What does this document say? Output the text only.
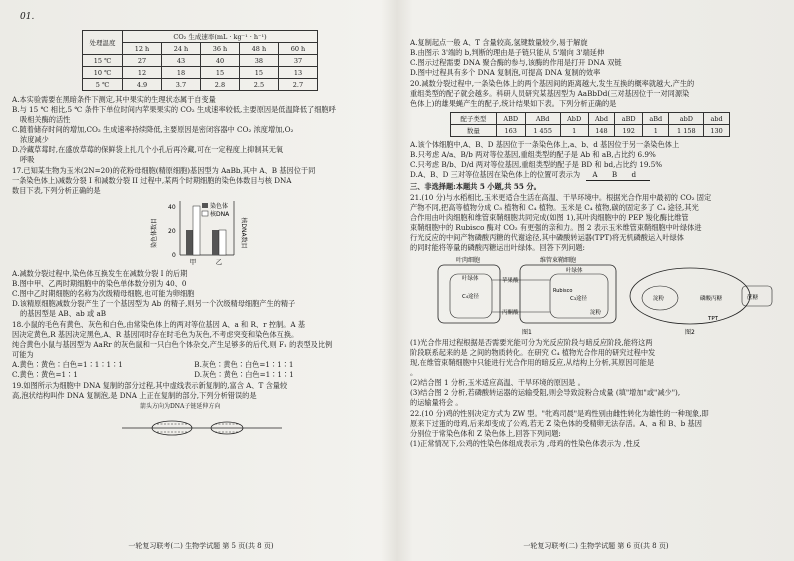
01.
处理温度	CO₂ 生成速率(mL · kg⁻¹ · h⁻¹)				
	12 h	24 h	36 h	48 h	60 h
15 ℃	27	43	40	38	37
10 ℃	12	18	15	15	13
5 ℃	4.9	3.7	2.8	2.5	2.7
A.本实验需要在黑暗条件下测定,其中果实的生理状态属于自变量
B.与 15 ℃ 相比,5 ℃ 条件下单位时间内苹果果实的 CO₂ 生成速率较低,主要原因是低温降低了细胞呼
吸相关酶的活性
C.随着储存时间的增加,CO₂ 生成速率持续降低,主要原因是密闭容器中 CO₂ 浓度增加,O₂
浓度减少
D.冷藏草莓时,在盛放草莓的保鲜袋上扎几个小孔后再冷藏,可在一定程度上抑制其无氧
呼吸
17.已知某生物为玉米(2N=20)的花粉母细胞(精原细胞)基因型为 AaBb,其中 A、B 基因位于同
一条染色体上)减数分裂 I 和减数分裂 II 过程中,某两个时期细胞的染色体数目与核 DNA
数目下表,下列分析正确的是
染色体数目	核DNA数目
40
20
0
染色体
核DNA
甲	乙
A.减数分裂过程中,染色体互换发生在减数分裂 I 的后期
B.图中甲、乙两时期细胞中的染色单体数分别为 40、0
C.图中乙时期细胞的名称为次级精母细胞,也可能为卵细胞
D.该精原细胞减数分裂产生了一个基因型为 Ab 的精子,则另一个次级精母细胞产生的精子
的基因型是 AB、ab 或 aB
18.小鼠的毛色有黄色、灰色和白色,由常染色体上的两对等位基因 A、a 和 R、r 控制。A 基
因决定黄色,R 基因决定黑色,A、R 基因同时存在时毛色为灰色,不考虑突变和染色体互换。
纯合黄色小鼠与基因型为 AaRr 的灰色鼠和一只白色个体杂交,产生足够多的后代,则 F₁ 的表型及比例
可能为
A.黄色∶黄色∶白色=1∶1∶1∶1	B.灰色∶黄色∶白色=1∶1∶1
C.黄色∶黄色=1∶1	D.灰色∶黄色∶白色=1∶1∶1
19.如图所示为细胞中 DNA 复制的部分过程,其中虚线表示新复制的,富含 A、T 含量较
高,泡状结构叫作 DNA 复制泡,是 DNA 上正在复制的部分,下列分析错误的是
箭头方向为DNA子链延伸方向
一轮复习联考(二) 生物学试题 第 5 页(共 8 页)
A.复制起点一般 A、T 含量较高,氢键数量较少,易于解旋
B.由图示 3'端的 b,判断的理由是子链只能从 5'端向 3'端延伸
C.图示过程需要 DNA 聚合酶的参与,该酶的作用是打开 DNA 双链
D.图中过程具有多个 DNA 复制泡,可提高 DNA 复制的效率
20.减数分裂过程中,一条染色体上的两个基因间的距离越大,发生互换的概率就越大,产生的
重组类型的配子就会越多。科研人员研究某基因型为 AaBbDd(三对基因位于一对同源染
色体上)的雄果蝇产生的配子,统计结果如下表。下列分析正确的是
配子类型	ABD	ABd	AbD	Abd	aBD	aBd	abD	abd
数量	163	1 455	1	148	192	1	1 158	130
A.该个体细胞中,A、B、D 基因位于一条染色体上,a、b、d 基因位于另一条染色体上
B.只考虑 A/a、B/b 两对等位基因,重组类型的配子是 Ab 和 aB,占比约 6.9%
C.只考虑 B/b、D/d 两对等位基因,重组类型的配子是 BD 和 bd,占比约 19.5%
D.A、B、D 三对等位基因在染色体上的位置可表示为 A B d
三、非选择题:本题共 5 小题,共 55 分。
21.(10 分)与水稻相比,玉米更适合生活在高温、干旱环境中。根据光合作用中最初的 CO₂ 固定
产物不同,把高等植物分成 C₃ 植物和 C₄ 植物。玉米是 C₄ 植物,碳的固定多了 C₄ 途径,其光
合作用由叶肉细胞和维管束鞘细胞共同完成(如图 1),其叶肉细胞中的 PEP 羧化酶比维管
束鞘细胞中的 Rubisco 酶对 CO₂ 有更强的亲和力。图 2 表示玉米维管束鞘细胞中叶绿体进
行光反应的中间产物磷酸丙糖的代谢途径,其中磷酸转运器(TPT)将无机磷酸运入叶绿体
的同时能将等量的磷酸丙糖运出叶绿体。回答下列问题:
叶肉细胞	维管束鞘细胞
叶绿体
叶绿体
苹果酸
丙酮酸
C₄途径
Rubisco
C₃途径
淀粉
图1
淀粉	磷酸丙糖
TPT
蔗糖
图2
(1)光合作用过程根据是否需要光能可分为光反应阶段与暗反应阶段,能将这两
阶段联系起来的是 之间的物质转化。在研究 C₄ 植物光合作用的研究过程中发
现,在维管束鞘细胞中只能进行光合作用的暗反应,从结构上分析,其原因可能是
。
(2)结合图 1 分析,玉米适应高温、干旱环境的原因是 。
(3)结合图 2 分析,若磷酸转运器的运输受阻,则会导致淀粉合成量 (填"增加"或"减少"),
的运输量将会 。
22.(10 分)鸡的性别决定方式为 ZW 型。"牝鸡司晨"是鸡性别由雌性转化为雄性的一种现象,即
原来下过蛋的母鸡,后来却变成了公鸡,若无 Z 染色体的受精卵无法存活。A、a 和 B、b 基因
分别位于常染色体和 Z 染色体上,回答下列问题:
(1)正常情况下,公鸡的性染色体组成表示为 ,母鸡的性染色体表示为 ,性反
一轮复习联考(二) 生物学试题 第 6 页(共 8 页)
